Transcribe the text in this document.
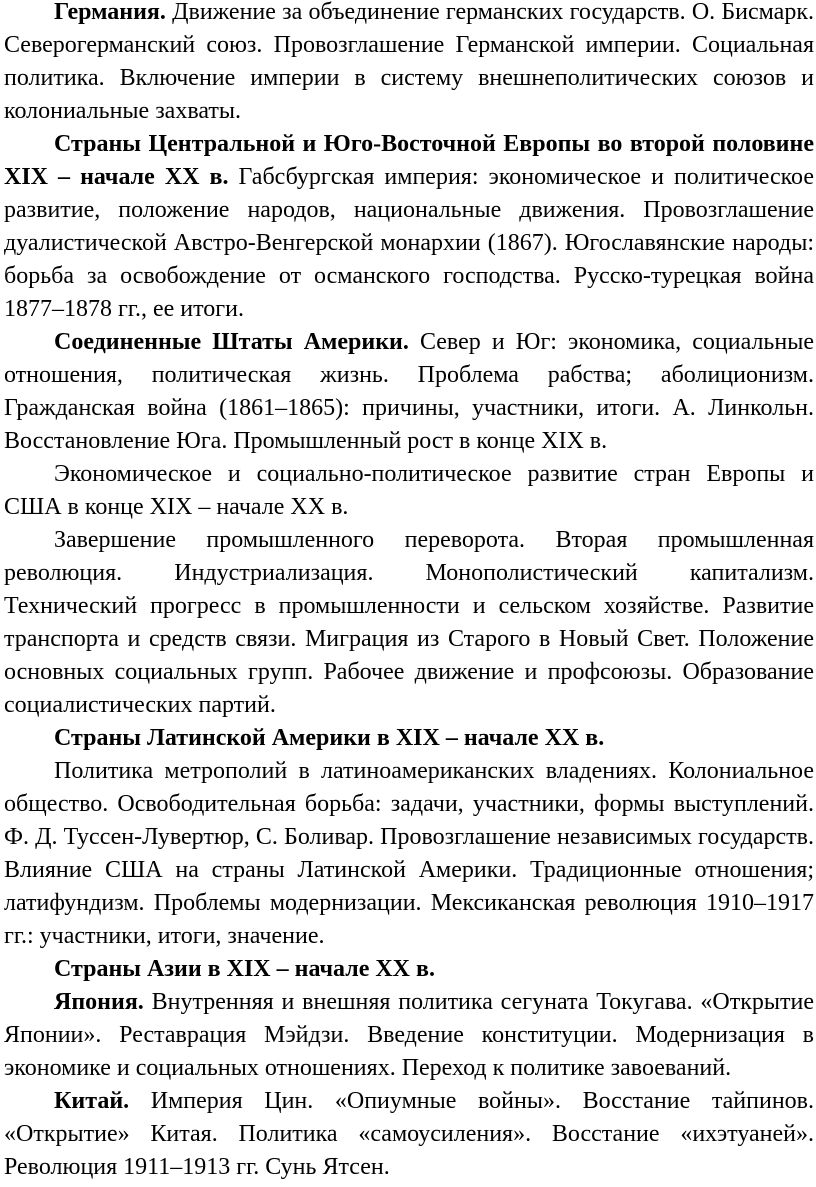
Германия. Движение за объединение германских государств. О. Бисмарк. Северогерманский союз. Провозглашение Германской империи. Социальная политика. Включение империи в систему внешнеполитических союзов и колониальные захваты.

Страны Центральной и Юго-Восточной Европы во второй половине XIX – начале XX в. Габсбургская империя: экономическое и политическое развитие, положение народов, национальные движения. Провозглашение дуалистической Австро-Венгерской монархии (1867). Югославянские народы: борьба за освобождение от османского господства. Русско-турецкая война 1877–1878 гг., ее итоги.

Соединенные Штаты Америки. Север и Юг: экономика, социальные отношения, политическая жизнь. Проблема рабства; аболиционизм. Гражданская война (1861–1865): причины, участники, итоги. А. Линкольн. Восстановление Юга. Промышленный рост в конце XIX в.

Экономическое и социально-политическое развитие стран Европы и США в конце XIX – начале XX в.

Завершение промышленного переворота. Вторая промышленная революция. Индустриализация. Монополистический капитализм. Технический прогресс в промышленности и сельском хозяйстве. Развитие транспорта и средств связи. Миграция из Старого в Новый Свет. Положение основных социальных групп. Рабочее движение и профсоюзы. Образование социалистических партий.

Страны Латинской Америки в XIX – начале XX в.

Политика метрополий в латиноамериканских владениях. Колониальное общество. Освободительная борьба: задачи, участники, формы выступлений. Ф. Д. Туссен-Лувертюр, С. Боливар. Провозглашение независимых государств. Влияние США на страны Латинской Америки. Традиционные отношения; латифундизм. Проблемы модернизации. Мексиканская революция 1910–1917 гг.: участники, итоги, значение.

Страны Азии в XIX – начале XX в.

Япония. Внутренняя и внешняя политика сегуната Токугава. «Открытие Японии». Реставрация Мэйдзи. Введение конституции. Модернизация в экономике и социальных отношениях. Переход к политике завоеваний.

Китай. Империя Цин. «Опиумные войны». Восстание тайпинов. «Открытие» Китая. Политика «самоусиления». Восстание «ихэтуаней». Революция 1911–1913 гг. Сунь Ятсен.
